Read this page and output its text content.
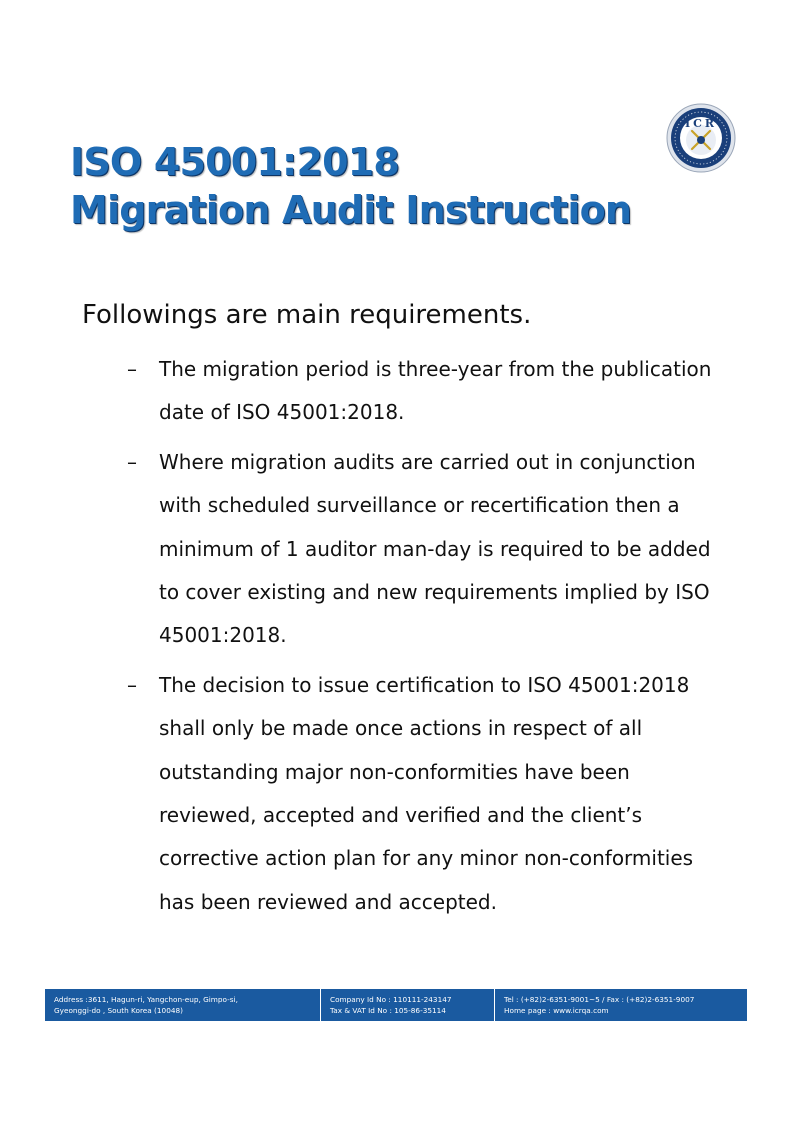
ICR
ISO 45001:2018
Migration Audit Instruction

Followings are main requirements.

– The migration period is three-year from the publication date of ISO 45001:2018.
– Where migration audits are carried out in conjunction with scheduled surveillance or recertification then a minimum of 1 auditor man-day is required to be added to cover existing and new requirements implied by ISO 45001:2018.
– The decision to issue certification to ISO 45001:2018 shall only be made once actions in respect of all outstanding major non-conformities have been reviewed, accepted and verified and the client’s corrective action plan for any minor non-conformities has been reviewed and accepted.
Address :3611, Hagun-ri, Yangchon-eup, Gimpo-si,
Gyeonggi-do , South Korea (10048)
Company Id No : 110111-243147
Tax & VAT Id No : 105-86-35114
Tel : (+82)2-6351-9001~5 / Fax : (+82)2-6351-9007
Home page : www.icrqa.com
